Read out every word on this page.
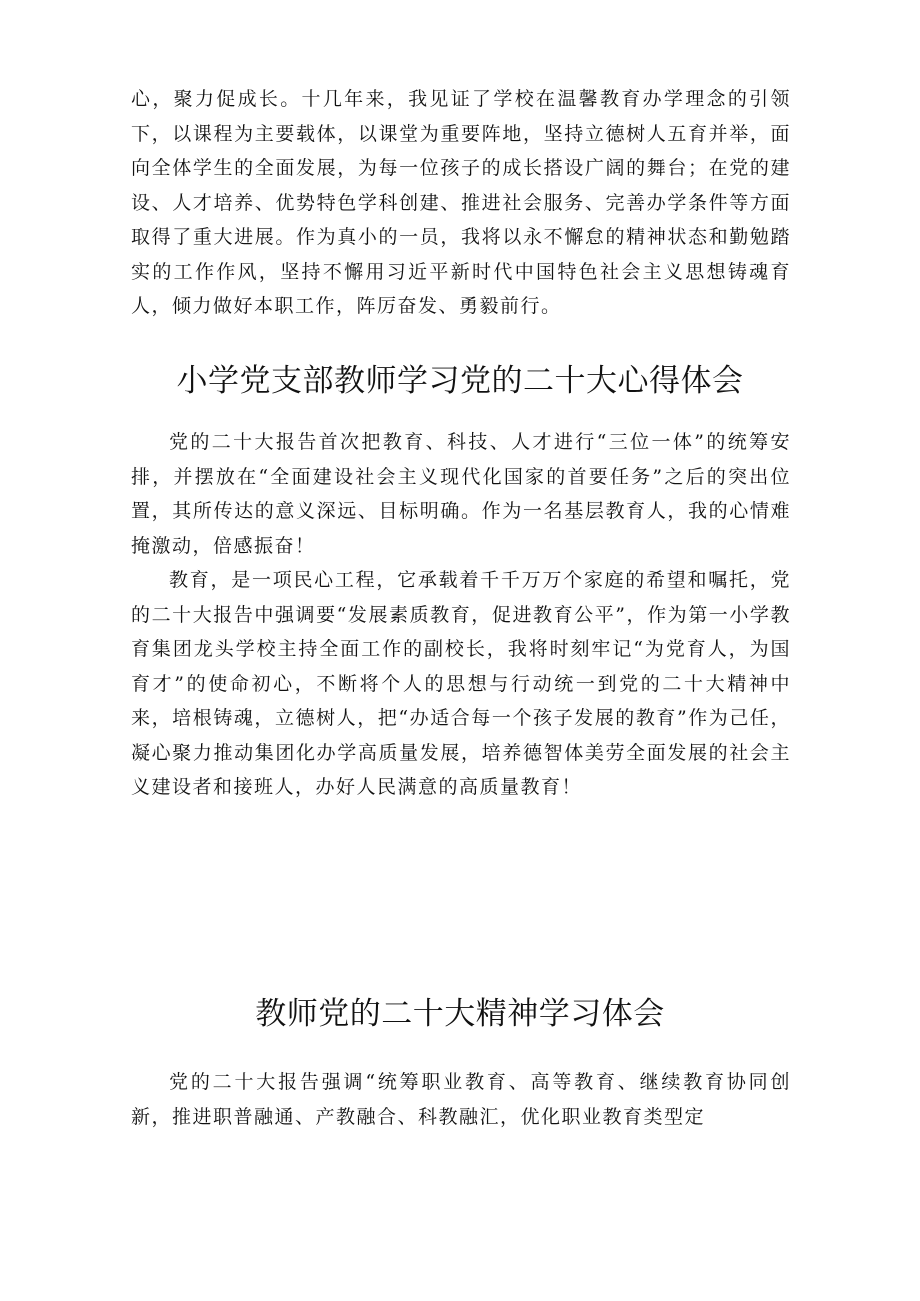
心，聚力促成长。十几年来，我见证了学校在温馨教育办学理念的引领下，以课程为主要载体，以课堂为重要阵地，坚持立德树人五育并举，面向全体学生的全面发展，为每一位孩子的成长搭设广阔的舞台；在党的建设、人才培养、优势特色学科创建、推进社会服务、完善办学条件等方面取得了重大进展。作为真小的一员，我将以永不懈怠的精神状态和勤勉踏实的工作作风，坚持不懈用习近平新时代中国特色社会主义思想铸魂育人，倾力做好本职工作，阵厉奋发、勇毅前行。

小学党支部教师学习党的二十大心得体会

党的二十大报告首次把教育、科技、人才进行“三位一体”的统筹安排，并摆放在“全面建设社会主义现代化国家的首要任务”之后的突出位置，其所传达的意义深远、目标明确。作为一名基层教育人，我的心情难掩激动，倍感振奋！

教育，是一项民心工程，它承载着千千万万个家庭的希望和嘱托，党的二十大报告中强调要“发展素质教育，促进教育公平”，作为第一小学教育集团龙头学校主持全面工作的副校长，我将时刻牢记“为党育人，为国育才”的使命初心，不断将个人的思想与行动统一到党的二十大精神中来，培根铸魂，立德树人，把“办适合每一个孩子发展的教育”作为己任，凝心聚力推动集团化办学高质量发展，培养德智体美劳全面发展的社会主义建设者和接班人，办好人民满意的高质量教育！

教师党的二十大精神学习体会

党的二十大报告强调“统筹职业教育、高等教育、继续教育协同创新，推进职普融通、产教融合、科教融汇，优化职业教育类型定
